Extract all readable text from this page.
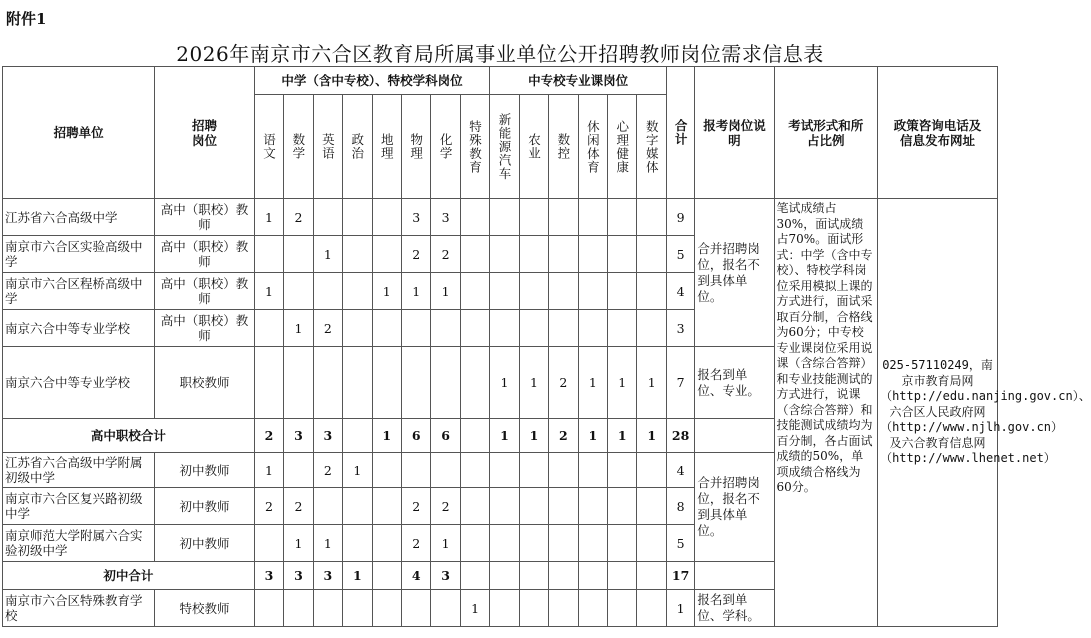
附件1
2026年南京市六合区教育局所属事业单位公开招聘教师岗位需求信息表
招聘单位	招聘岗位	中学（含中专校）、特校学科岗位								中专校专业课岗位						合计	报考岗位说明	考试形式和所占比例	政策咨询电话及信息发布网址

		语文	数学	英语	政治	地理	物理	化学	特殊教育	新能源汽车	农业	数控	休闲体育	心理健康	数字媒体				

江苏省六合高级中学	高中（职校）教师	1	2				3	3								9	合并招聘岗位，报名不到具体单位。	笔试成绩占30%，面试成绩占70%。面试形式：中学（含中专校）、特校学科岗位采用模拟上课的方式进行，面试采取百分制，合格线为60分；中专校专业课岗位采用说课（含综合答辩）和专业技能测试的方式进行，说课（含综合答辩）和技能测试成绩均为百分制，各占面试成绩的50%，单项成绩合格线为60分。	025-57110249，南京市教育局网（http://edu.nanjing.gov.cn）、六合区人民政府网（http://www.njlh.gov.cn）及六合教育信息网（http://www.lhenet.net）
南京市六合区实验高级中学	高中（职校）教师			1			2	2								5			
南京市六合区程桥高级中学	高中（职校）教师	1				1	1	1								4			
南京六合中等专业学校	高中（职校）教师		1	2												3			
南京六合中等专业学校	职校教师									1	1	2	1	1	1	7	报名到单位、专业。		
高中职校合计		2	3	3		1	6	6		1	1	2	1	1	1	28			
江苏省六合高级中学附属初级中学	初中教师	1		2	1											4	合并招聘岗位，报名不到具体单位。		
南京市六合区复兴路初级中学	初中教师	2	2				2	2								8			
南京师范大学附属六合实验初级中学	初中教师		1	1			2	1								5			
初中合计		3	3	3	1		4	3								17			
南京市六合区特殊教育学校	特校教师								1							1	报名到单位、学科。		
